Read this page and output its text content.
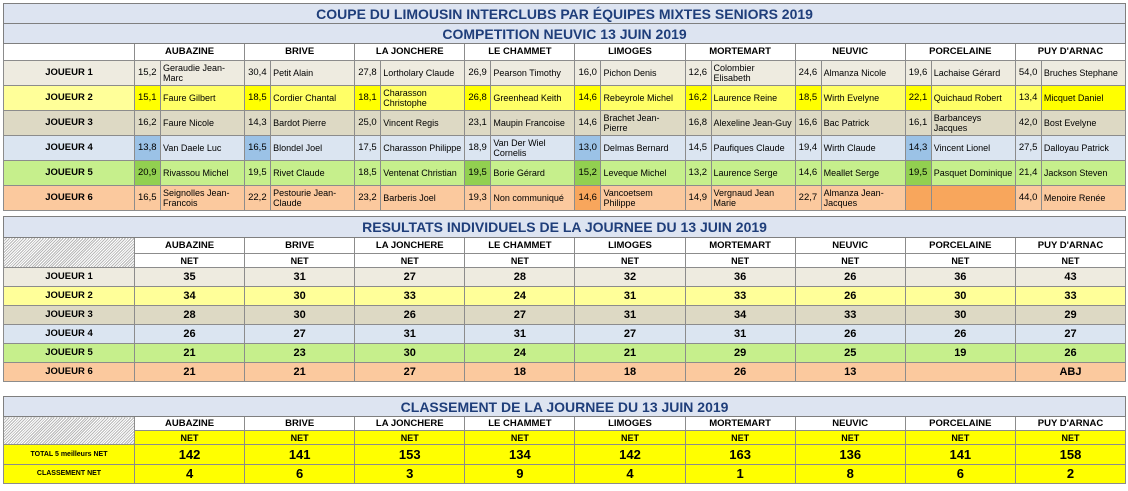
COUPE DU LIMOUSIN INTERCLUBS PAR ÉQUIPES MIXTES SENIORS 2019																		
COMPETITION NEUVIC 13 JUIN 2019																		
	AUBAZINE		BRIVE		LA JONCHERE		LE CHAMMET		LIMOGES		MORTEMART		NEUVIC		PORCELAINE		PUY D'ARNAC	
JOUEUR 1	15,2	Geraudie Jean-Marc	30,4	Petit Alain	27,8	Lortholary Claude	26,9	Pearson Timothy	16,0	Pichon Denis	12,6	Colombier Elisabeth	24,6	Almanza Nicole	19,6	Lachaise Gérard	54,0	Bruches Stephane
JOUEUR 2	15,1	Faure Gilbert	18,5	Cordier Chantal	18,1	Charasson Christophe	26,8	Greenhead Keith	14,6	Rebeyrole Michel	16,2	Laurence Reine	18,5	Wirth Evelyne	22,1	Quichaud Robert	13,4	Micquet Daniel
JOUEUR 3	16,2	Faure Nicole	14,3	Bardot Pierre	25,0	Vincent Regis	23,1	Maupin Francoise	14,6	Brachet Jean-Pierre	16,8	Alexeline Jean-Guy	16,6	Bac Patrick	16,1	Barbanceys Jacques	42,0	Bost Evelyne
JOUEUR 4	13,8	Van Daele Luc	16,5	Blondel Joel	17,5	Charasson Philippe	18,9	Van Der Wiel Cornelis	13,0	Delmas Bernard	14,5	Paufiques Claude	19,4	Wirth Claude	14,3	Vincent Lionel	27,5	Dalloyau Patrick
JOUEUR 5	20,9	Rivassou Michel	19,5	Rivet Claude	18,5	Ventenat Christian	19,5	Borie Gérard	15,2	Leveque Michel	13,2	Laurence Serge	14,6	Meallet Serge	19,5	Pasquet Dominique	21,4	Jackson Steven
JOUEUR 6	16,5	Seignolles Jean-Francois	22,2	Pestourie Jean-Claude	23,2	Barberis Joel	19,3	Non communiqué	14,6	Vancoetsem Philippe	14,9	Vergnaud Jean Marie	22,7	Almanza Jean-Jacques			44,0	Menoire Renée
RESULTATS INDIVIDUELS DE LA JOURNEE DU 13 JUIN 2019									
	AUBAZINE	BRIVE	LA JONCHERE	LE CHAMMET	LIMOGES	MORTEMART	NEUVIC	PORCELAINE	PUY D'ARNAC
	NET	NET	NET	NET	NET	NET	NET	NET	NET
JOUEUR 1	35	31	27	28	32	36	26	36	43
JOUEUR 2	34	30	33	24	31	33	26	30	33
JOUEUR 3	28	30	26	27	31	34	33	30	29
JOUEUR 4	26	27	31	31	27	31	26	26	27
JOUEUR 5	21	23	30	24	21	29	25	19	26
JOUEUR 6	21	21	27	18	18	26	13		ABJ
CLASSEMENT DE LA JOURNEE DU 13 JUIN 2019									
	AUBAZINE	BRIVE	LA JONCHERE	LE CHAMMET	LIMOGES	MORTEMART	NEUVIC	PORCELAINE	PUY D'ARNAC
	NET	NET	NET	NET	NET	NET	NET	NET	NET
TOTAL 5 meilleurs NET	142	141	153	134	142	163	136	141	158
CLASSEMENT NET	4	6	3	9	4	1	8	6	2
